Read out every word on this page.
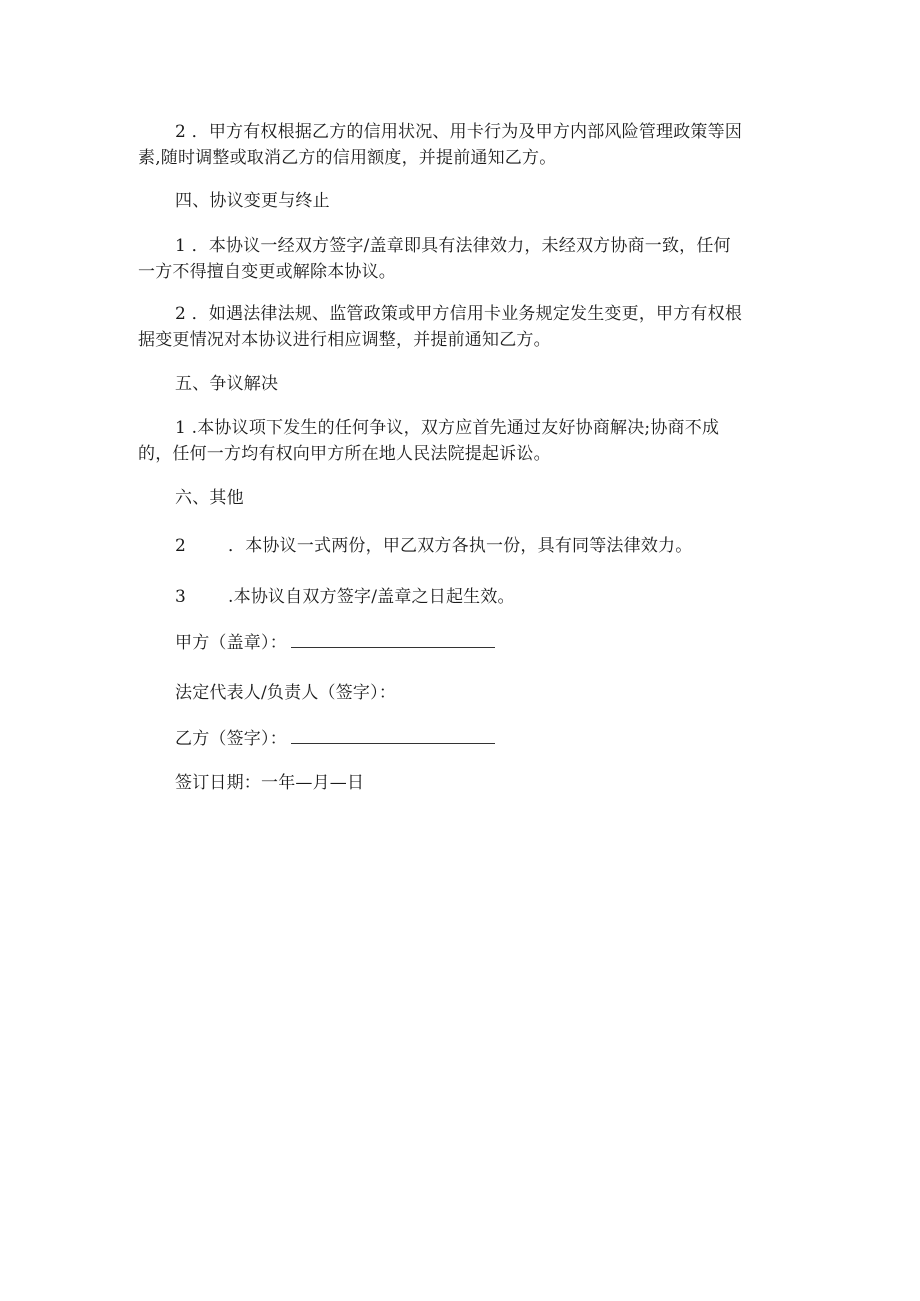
2 ．甲方有权根据乙方的信用状况、用卡行为及甲方内部风险管理政策等因
素,随时调整或取消乙方的信用额度，并提前通知乙方。
四、协议变更与终止
1 ．本协议一经双方签字/盖章即具有法律效力，未经双方协商一致，任何
一方不得擅自变更或解除本协议。
2 ．如遇法律法规、监管政策或甲方信用卡业务规定发生变更，甲方有权根
据变更情况对本协议进行相应调整，并提前通知乙方。
五、争议解决
1 .本协议项下发生的任何争议，双方应首先通过友好协商解决;协商不成
的，任何一方均有权向甲方所在地人民法院提起诉讼。
六、其他
2 ．本协议一式两份，甲乙双方各执一份，具有同等法律效力。
3 .本协议自双方签字/盖章之日起生效。
甲方（盖章）：
法定代表人/负责人（签字）：
乙方（签字）：
签订日期：一年—月—日
